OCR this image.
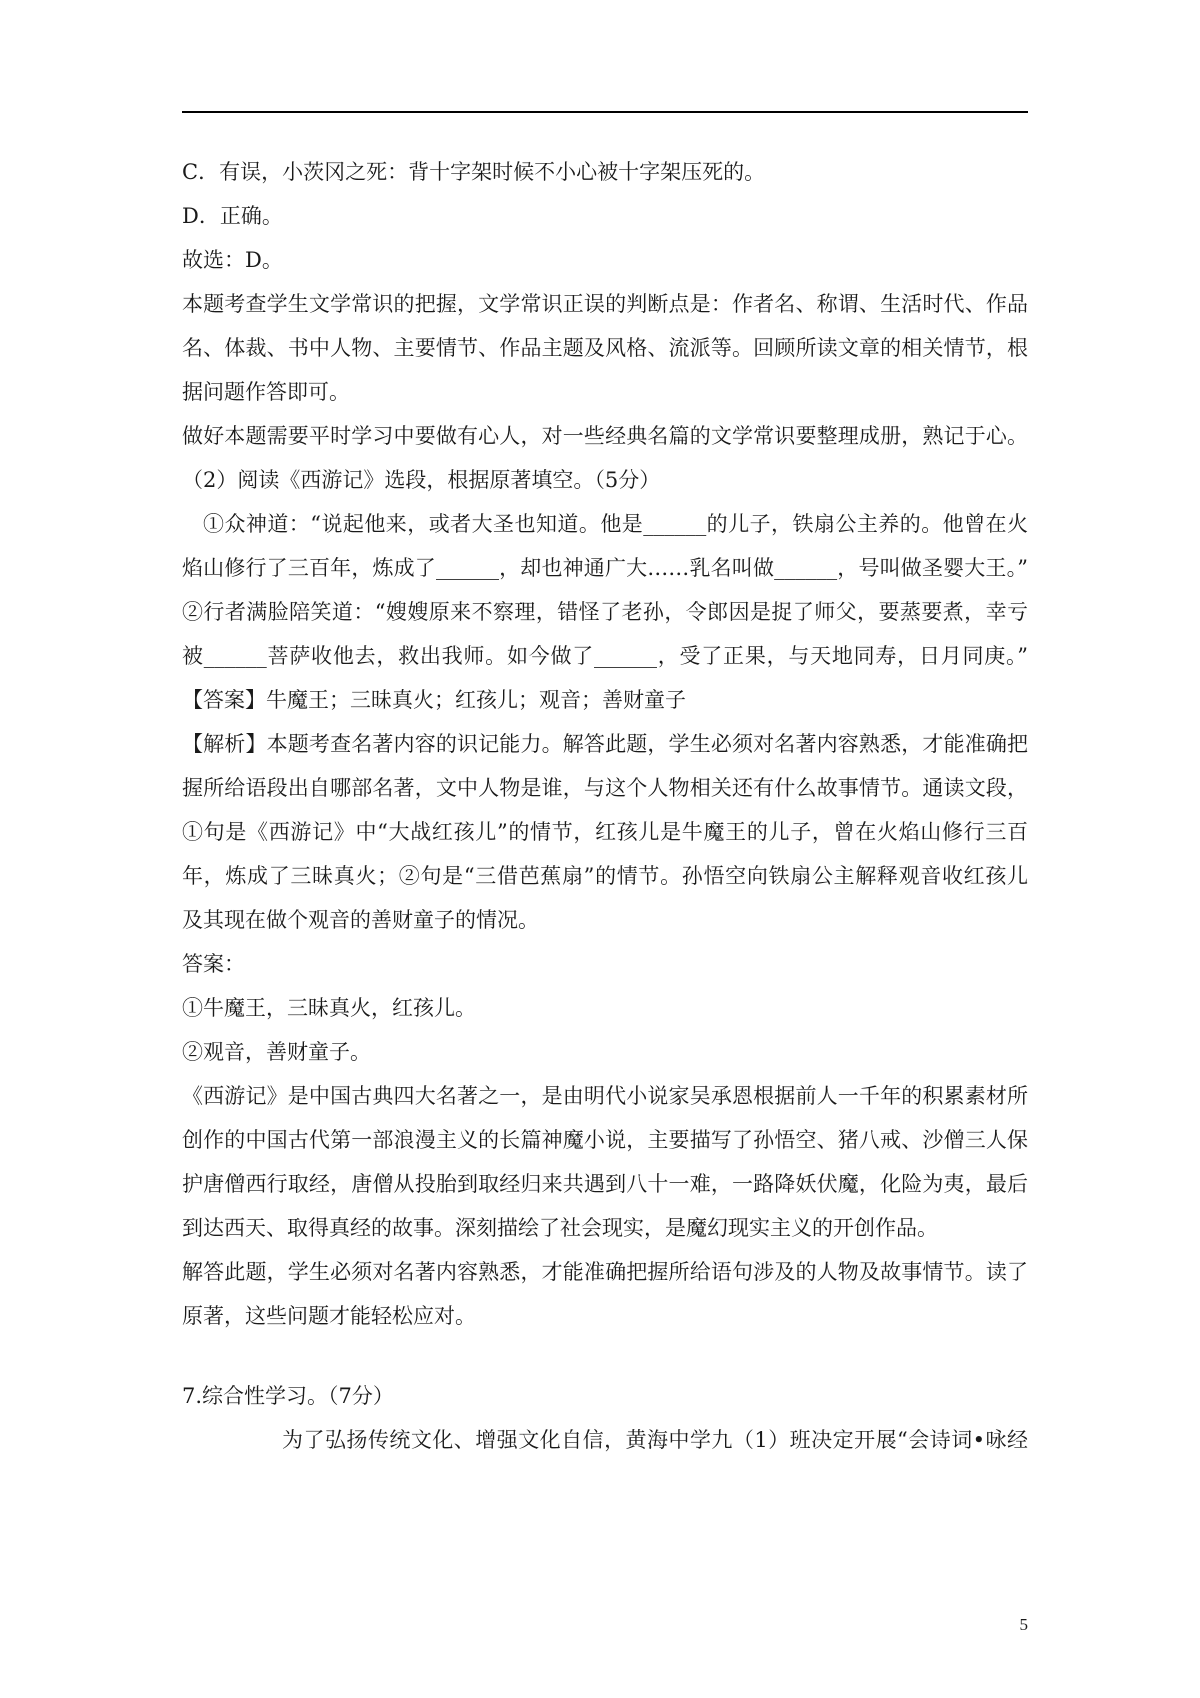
C．有误，小茨冈之死：背十字架时候不小心被十字架压死的。
D．正确。
故选：D。
本题考查学生文学常识的把握，文学常识正误的判断点是：作者名、称谓、生活时代、作品
名、体裁、书中人物、主要情节、作品主题及风格、流派等。回顾所读文章的相关情节，根
据问题作答即可。
做好本题需要平时学习中要做有心人，对一些经典名篇的文学常识要整理成册，熟记于心。
（2）阅读《西游记》选段，根据原著填空。（5分）
①众神道：“说起他来，或者大圣也知道。他是______的儿子，铁扇公主养的。他曾在火
焰山修行了三百年，炼成了______，却也神通广大……乳名叫做______，号叫做圣婴大王。”
②行者满脸陪笑道：“嫂嫂原来不察理，错怪了老孙，令郎因是捉了师父，要蒸要煮，幸亏
被______菩萨收他去，救出我师。如今做了______，受了正果，与天地同寿，日月同庚。”
【答案】牛魔王；三昧真火；红孩儿；观音；善财童子
【解析】本题考查名著内容的识记能力。解答此题，学生必须对名著内容熟悉，才能准确把
握所给语段出自哪部名著，文中人物是谁，与这个人物相关还有什么故事情节。通读文段，
①句是《西游记》中“大战红孩儿”的情节，红孩儿是牛魔王的儿子，曾在火焰山修行三百
年，炼成了三昧真火；②句是“三借芭蕉扇”的情节。孙悟空向铁扇公主解释观音收红孩儿
及其现在做个观音的善财童子的情况。
答案：
①牛魔王，三昧真火，红孩儿。
②观音，善财童子。
《西游记》是中国古典四大名著之一，是由明代小说家吴承恩根据前人一千年的积累素材所
创作的中国古代第一部浪漫主义的长篇神魔小说，主要描写了孙悟空、猪八戒、沙僧三人保
护唐僧西行取经，唐僧从投胎到取经归来共遇到八十一难，一路降妖伏魔，化险为夷，最后
到达西天、取得真经的故事。深刻描绘了社会现实，是魔幻现实主义的开创作品。
解答此题，学生必须对名著内容熟悉，才能准确把握所给语句涉及的人物及故事情节。读了
原著，这些问题才能轻松应对。
7.综合性学习。（7分）
为了弘扬传统文化、增强文化自信，黄海中学九（1）班决定开展“会诗词•咏经
5
